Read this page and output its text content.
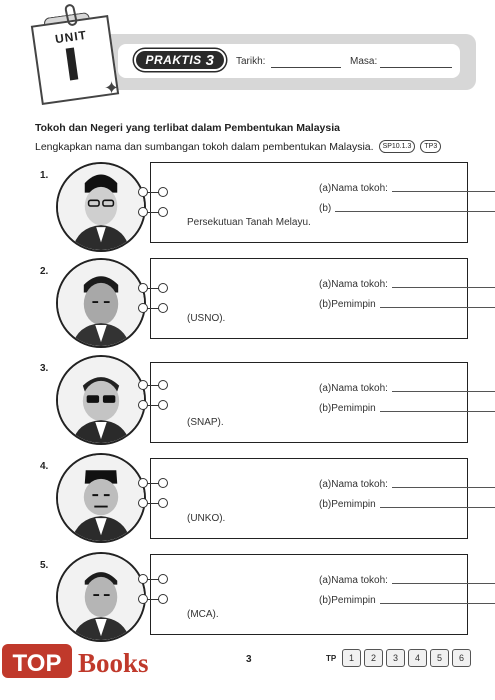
PRAKTIS 3 Tarikh:	Masa:
UNIT
I ✦
Tokoh dan Negeri yang terlibat dalam Pembentukan Malaysia
Lengkapkan nama dan sumbangan tokoh dalam pembentukan Malaysia.	SP10.1.3	TP3
1.
(a) Nama tokoh:
(b)
Persekutuan Tanah Melayu.
2.
(a) Nama tokoh:
(b) Pemimpin
(USNO).
3.
(a) Nama tokoh:
(b) Pemimpin
(SNAP).
4.
(a) Nama tokoh:
(b) Pemimpin
(UNKO).
5.
(a) Nama tokoh:
(b) Pemimpin
(MCA).
3	TP	1	2	3	4	5	6
TOP Books
